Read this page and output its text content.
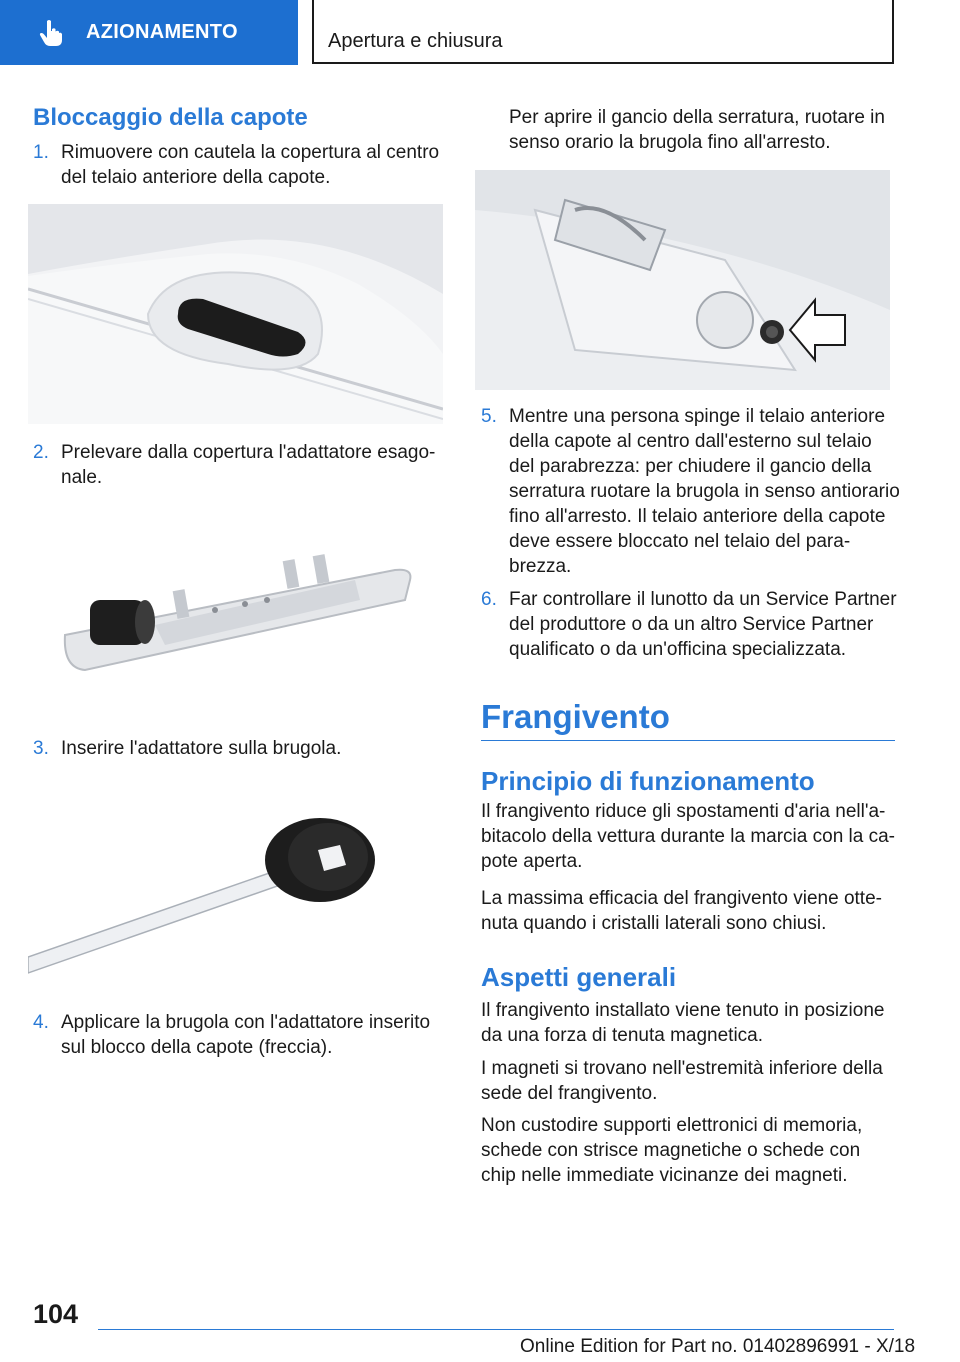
AZIONAMENTO	Apertura e chiusura
Bloccaggio della capote
1. Rimuovere con cautela la copertura al centro
del telaio anteriore della capote.
2. Prelevare dalla copertura l'adattatore esago‐
nale.
3. Inserire l'adattatore sulla brugola.
4. Applicare la brugola con l'adattatore inserito
sul blocco della capote (freccia).
Per aprire il gancio della serratura, ruotare in
senso orario la brugola fino all'arresto.
5. Mentre una persona spinge il telaio anteriore
della capote al centro dall'esterno sul telaio
del parabrezza: per chiudere il gancio della
serratura ruotare la brugola in senso antiorario
fino all'arresto. Il telaio anteriore della capote
deve essere bloccato nel telaio del para‐
brezza.
6. Far controllare il lunotto da un Service Partner
del produttore o da un altro Service Partner
qualificato o da un'officina specializzata.
Frangivento
Principio di funzionamento
Il frangivento riduce gli spostamenti d'aria nell'a‐
bitacolo della vettura durante la marcia con la ca‐
pote aperta.
La massima efficacia del frangivento viene otte‐
nuta quando i cristalli laterali sono chiusi.
Aspetti generali
Il frangivento installato viene tenuto in posizione
da una forza di tenuta magnetica.
I magneti si trovano nell'estremità inferiore della
sede del frangivento.
Non custodire supporti elettronici di memoria,
schede con strisce magnetiche o schede con
chip nelle immediate vicinanze dei magneti.
104
Online Edition for Part no. 01402896991 - X/18
